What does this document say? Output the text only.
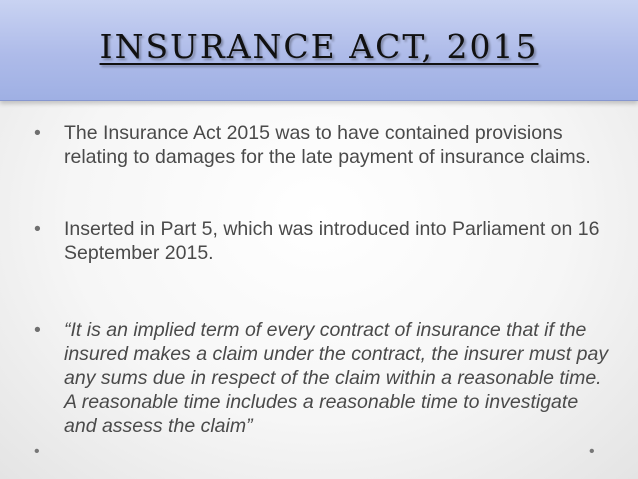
INSURANCE ACT, 2015
•	The Insurance Act 2015 was to have contained provisions relating to damages for the late payment of insurance claims.
•	Inserted in Part 5, which was introduced into Parliament on 16 September 2015.
•	“It is an implied term of every contract of insurance that if the insured makes a claim under the contract, the insurer must pay any sums due in respect of the claim within a reasonable time. A reasonable time includes a reasonable time to investigate and assess the claim”
•	•
